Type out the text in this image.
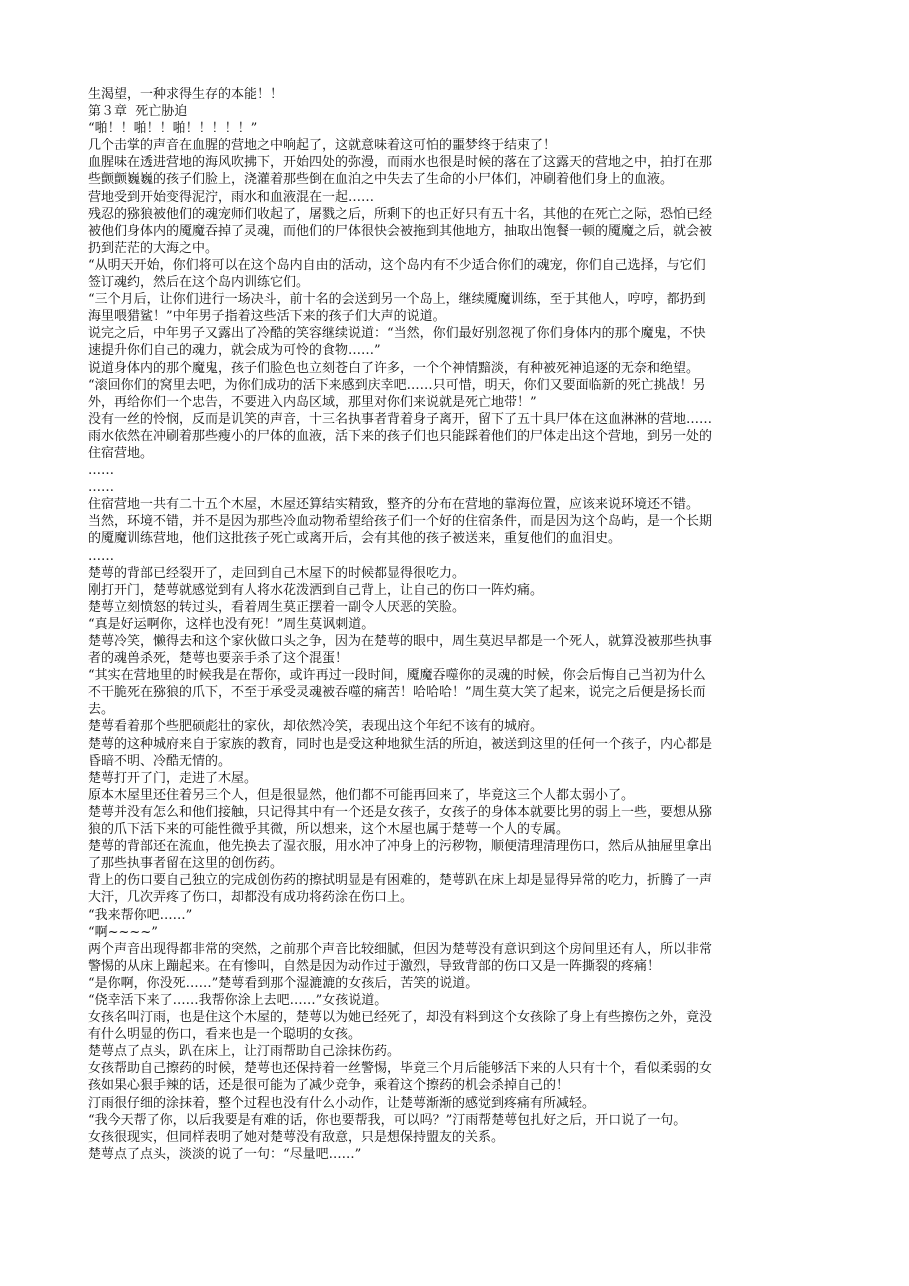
生渴望，一种求得生存的本能！！
第３章  死亡胁迫
“啪！！啪！！啪！！！！！”
几个击掌的声音在血腥的营地之中响起了，这就意味着这可怕的噩梦终于结束了！
血腥味在透进营地的海风吹拂下，开始四处的弥漫，而雨水也很是时候的落在了这露天的营地之中，拍打在那
些颤颤巍巍的孩子们脸上，浇灌着那些倒在血泊之中失去了生命的小尸体们，冲刷着他们身上的血液。
营地受到开始变得泥泞，雨水和血液混在一起……
残忍的猕狼被他们的魂宠师们收起了，屠戮之后，所剩下的也正好只有五十名，其他的在死亡之际，恐怕已经
被他们身体内的魇魔吞掉了灵魂，而他们的尸体很快会被拖到其他地方，抽取出饱餐一顿的魇魔之后，就会被
扔到茫茫的大海之中。
“从明天开始，你们将可以在这个岛内自由的活动，这个岛内有不少适合你们的魂宠，你们自己选择，与它们
签订魂约，然后在这个岛内训练它们。
“三个月后，让你们进行一场决斗，前十名的会送到另一个岛上，继续魇魔训练，至于其他人，哼哼，都扔到
海里喂猎鲨！”中年男子指着这些活下来的孩子们大声的说道。
说完之后，中年男子又露出了冷酷的笑容继续说道：“当然，你们最好别忽视了你们身体内的那个魔鬼，不快
速提升你们自己的魂力，就会成为可怜的食物……”
说道身体内的那个魔鬼，孩子们脸色也立刻苍白了许多，一个个神情黯淡，有种被死神追逐的无奈和绝望。
“滚回你们的窝里去吧，为你们成功的活下来感到庆幸吧……只可惜，明天，你们又要面临新的死亡挑战！另
外，再给你们一个忠告，不要进入内岛区域，那里对你们来说就是死亡地带！”
没有一丝的怜悯，反而是讥笑的声音，十三名执事者背着身子离开，留下了五十具尸体在这血淋淋的营地……
雨水依然在冲刷着那些瘦小的尸体的血液，活下来的孩子们也只能踩着他们的尸体走出这个营地，到另一处的
住宿营地。
……
……
住宿营地一共有二十五个木屋，木屋还算结实精致，整齐的分布在营地的靠海位置，应该来说环境还不错。
当然，环境不错，并不是因为那些冷血动物希望给孩子们一个好的住宿条件，而是因为这个岛屿，是一个长期
的魇魔训练营地，他们这批孩子死亡或离开后，会有其他的孩子被送来，重复他们的血泪史。
……
楚萼的背部已经裂开了，走回到自己木屋下的时候都显得很吃力。
刚打开门，楚萼就感觉到有人将水花泼洒到自己背上，让自己的伤口一阵灼痛。
楚萼立刻愤怒的转过头，看着周生莫正摆着一副令人厌恶的笑脸。
“真是好运啊你，这样也没有死！”周生莫讽刺道。
楚萼冷笑，懒得去和这个家伙做口头之争，因为在楚萼的眼中，周生莫迟早都是一个死人，就算没被那些执事
者的魂兽杀死，楚萼也要亲手杀了这个混蛋！
“其实在营地里的时候我是在帮你，或许再过一段时间，魇魔吞噬你的灵魂的时候，你会后悔自己当初为什么
不干脆死在猕狼的爪下，不至于承受灵魂被吞噬的痛苦！哈哈哈！”周生莫大笑了起来，说完之后便是扬长而
去。
楚萼看着那个些肥硕彪壮的家伙，却依然冷笑，表现出这个年纪不该有的城府。
楚萼的这种城府来自于家族的教育，同时也是受这种地狱生活的所迫，被送到这里的任何一个孩子，内心都是
昏暗不明、冷酷无情的。
楚萼打开了门，走进了木屋。
原本木屋里还住着另三个人，但是很显然，他们都不可能再回来了，毕竟这三个人都太弱小了。
楚萼并没有怎么和他们接触，只记得其中有一个还是女孩子，女孩子的身体本就要比男的弱上一些，要想从猕
狼的爪下活下来的可能性微乎其微，所以想来，这个木屋也属于楚萼一个人的专属。
楚萼的背部还在流血，他先换去了湿衣服，用水冲了冲身上的污秽物，顺便清理清理伤口，然后从抽屉里拿出
了那些执事者留在这里的创伤药。
背上的伤口要自己独立的完成创伤药的擦拭明显是有困难的，楚萼趴在床上却是显得异常的吃力，折腾了一声
大汗，几次弄疼了伤口，却都没有成功将药涂在伤口上。
“我来帮你吧……”
“啊~~~~”
两个声音出现得都非常的突然，之前那个声音比较细腻，但因为楚萼没有意识到这个房间里还有人，所以非常
警惕的从床上蹦起来。在有惨叫，自然是因为动作过于激烈，导致背部的伤口又是一阵撕裂的疼痛！
“是你啊，你没死……”楚萼看到那个湿漉漉的女孩后，苦笑的说道。
“侥幸活下来了……我帮你涂上去吧……”女孩说道。
女孩名叫汀雨，也是住这个木屋的，楚萼以为她已经死了，却没有料到这个女孩除了身上有些擦伤之外，竟没
有什么明显的伤口，看来也是一个聪明的女孩。
楚萼点了点头，趴在床上，让汀雨帮助自己涂抹伤药。
女孩帮助自己擦药的时候，楚萼也还保持着一丝警惕，毕竟三个月后能够活下来的人只有十个，看似柔弱的女
孩如果心狠手辣的话，还是很可能为了减少竞争，乘着这个擦药的机会杀掉自己的！
汀雨很仔细的涂抹着，整个过程也没有什么小动作，让楚萼渐渐的感觉到疼痛有所减轻。
“我今天帮了你，以后我要是有难的话，你也要帮我，可以吗？”汀雨帮楚萼包扎好之后，开口说了一句。
女孩很现实，但同样表明了她对楚萼没有敌意，只是想保持盟友的关系。
楚萼点了点头，淡淡的说了一句：“尽量吧……”
